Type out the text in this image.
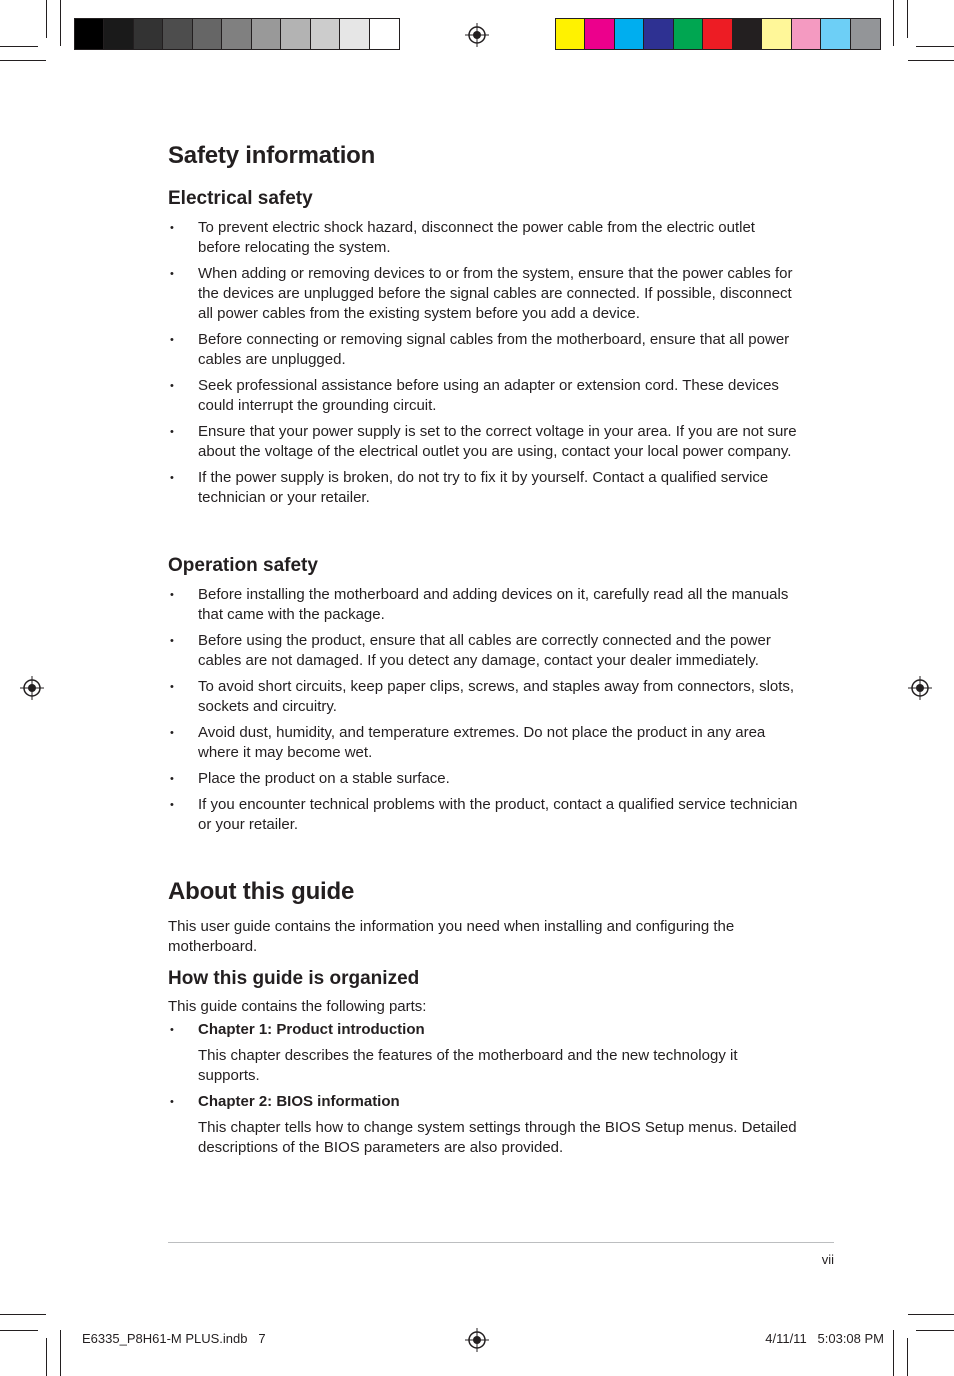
Safety information
Electrical safety
• To prevent electric shock hazard, disconnect the power cable from the electric outlet before relocating the system.
• When adding or removing devices to or from the system, ensure that the power cables for the devices are unplugged before the signal cables are connected. If possible, disconnect all power cables from the existing system before you add a device.
• Before connecting or removing signal cables from the motherboard, ensure that all power cables are unplugged.
• Seek professional assistance before using an adapter or extension cord. These devices could interrupt the grounding circuit.
• Ensure that your power supply is set to the correct voltage in your area. If you are not sure about the voltage of the electrical outlet you are using, contact your local power company.
• If the power supply is broken, do not try to fix it by yourself. Contact a qualified service technician or your retailer.
Operation safety
• Before installing the motherboard and adding devices on it, carefully read all the manuals that came with the package.
• Before using the product, ensure that all cables are correctly connected and the power cables are not damaged. If you detect any damage, contact your dealer immediately.
• To avoid short circuits, keep paper clips, screws, and staples away from connectors, slots, sockets and circuitry.
• Avoid dust, humidity, and temperature extremes. Do not place the product in any area where it may become wet.
• Place the product on a stable surface.
• If you encounter technical problems with the product, contact a qualified service technician or your retailer.
About this guide

This user guide contains the information you need when installing and configuring the motherboard.

How this guide is organized

This guide contains the following parts:

• Chapter 1: Product introduction
This chapter describes the features of the motherboard and the new technology it supports.
• Chapter 2: BIOS information
This chapter tells how to change system settings through the BIOS Setup menus. Detailed descriptions of the BIOS parameters are also provided.
vii
E6335_P8H61-M PLUS.indb   7	4/11/11   5:03:08 PM
